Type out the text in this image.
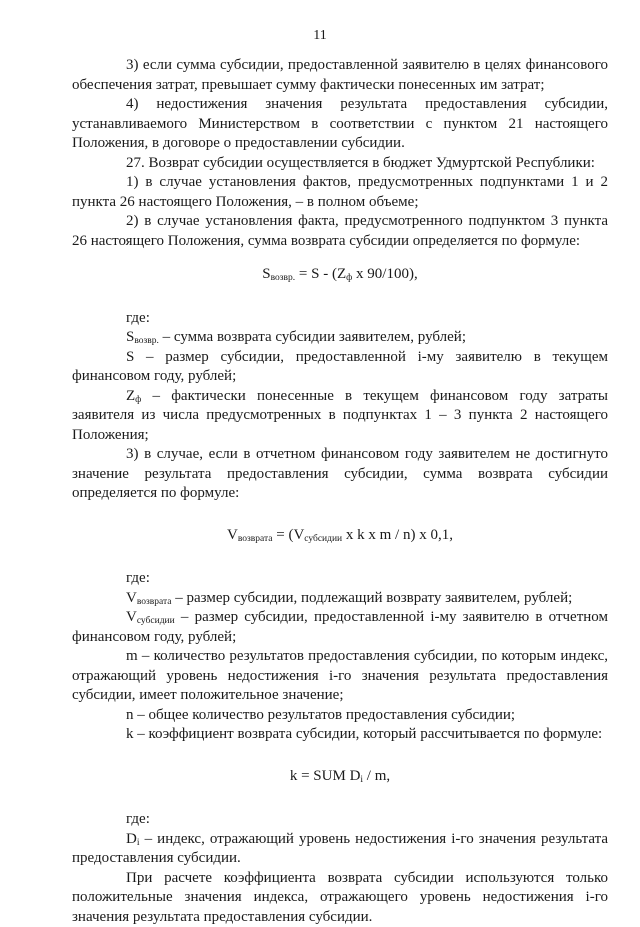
11

3) если сумма субсидии, предоставленной заявителю в целях финансового обеспечения затрат, превышает сумму фактически понесенных им затрат;

4) недостижения значения результата предоставления субсидии, устанавливаемого Министерством в соответствии с пунктом 21 настоящего Положения, в договоре о предоставлении субсидии.

27. Возврат субсидии осуществляется в бюджет Удмуртской Республики:

1) в случае установления фактов, предусмотренных подпунктами 1 и 2 пункта 26 настоящего Положения, – в полном объеме;

2) в случае установления факта, предусмотренного подпунктом 3 пункта 26 настоящего Положения, сумма возврата субсидии определяется по формуле:

$S_{возвр.} = S - (Z_ф$ x 90/100),

где:

$S_{возвр.}$ – сумма возврата субсидии заявителем, рублей;

S – размер субсидии, предоставленной i-му заявителю в текущем финансовом году, рублей;

$Z_ф$ – фактически понесенные в текущем финансовом году затраты заявителя из числа предусмотренных в подпунктах 1 – 3 пункта 2 настоящего Положения;

3) в случае, если в отчетном финансовом году заявителем не достигнуто значение результата предоставления субсидии, сумма возврата субсидии определяется по формуле:

$V_{возврата} = (V_{субсидии}$ x k x m / n) x 0,1,

где:

$V_{возврата}$ – размер субсидии, подлежащий возврату заявителем, рублей;

$V_{субсидии}$ – размер субсидии, предоставленной i-му заявителю в отчетном финансовом году, рублей;

m – количество результатов предоставления субсидии, по которым индекс, отражающий уровень недостижения i-го значения результата предоставления субсидии, имеет положительное значение;

n – общее количество результатов предоставления субсидии;

k – коэффициент возврата субсидии, который рассчитывается по формуле:

k = SUM $D_i$ / m,

где:

$D_i$ – индекс, отражающий уровень недостижения i-го значения результата предоставления субсидии.

При расчете коэффициента возврата субсидии используются только положительные значения индекса, отражающего уровень недостижения i-го значения результата предоставления субсидии.
